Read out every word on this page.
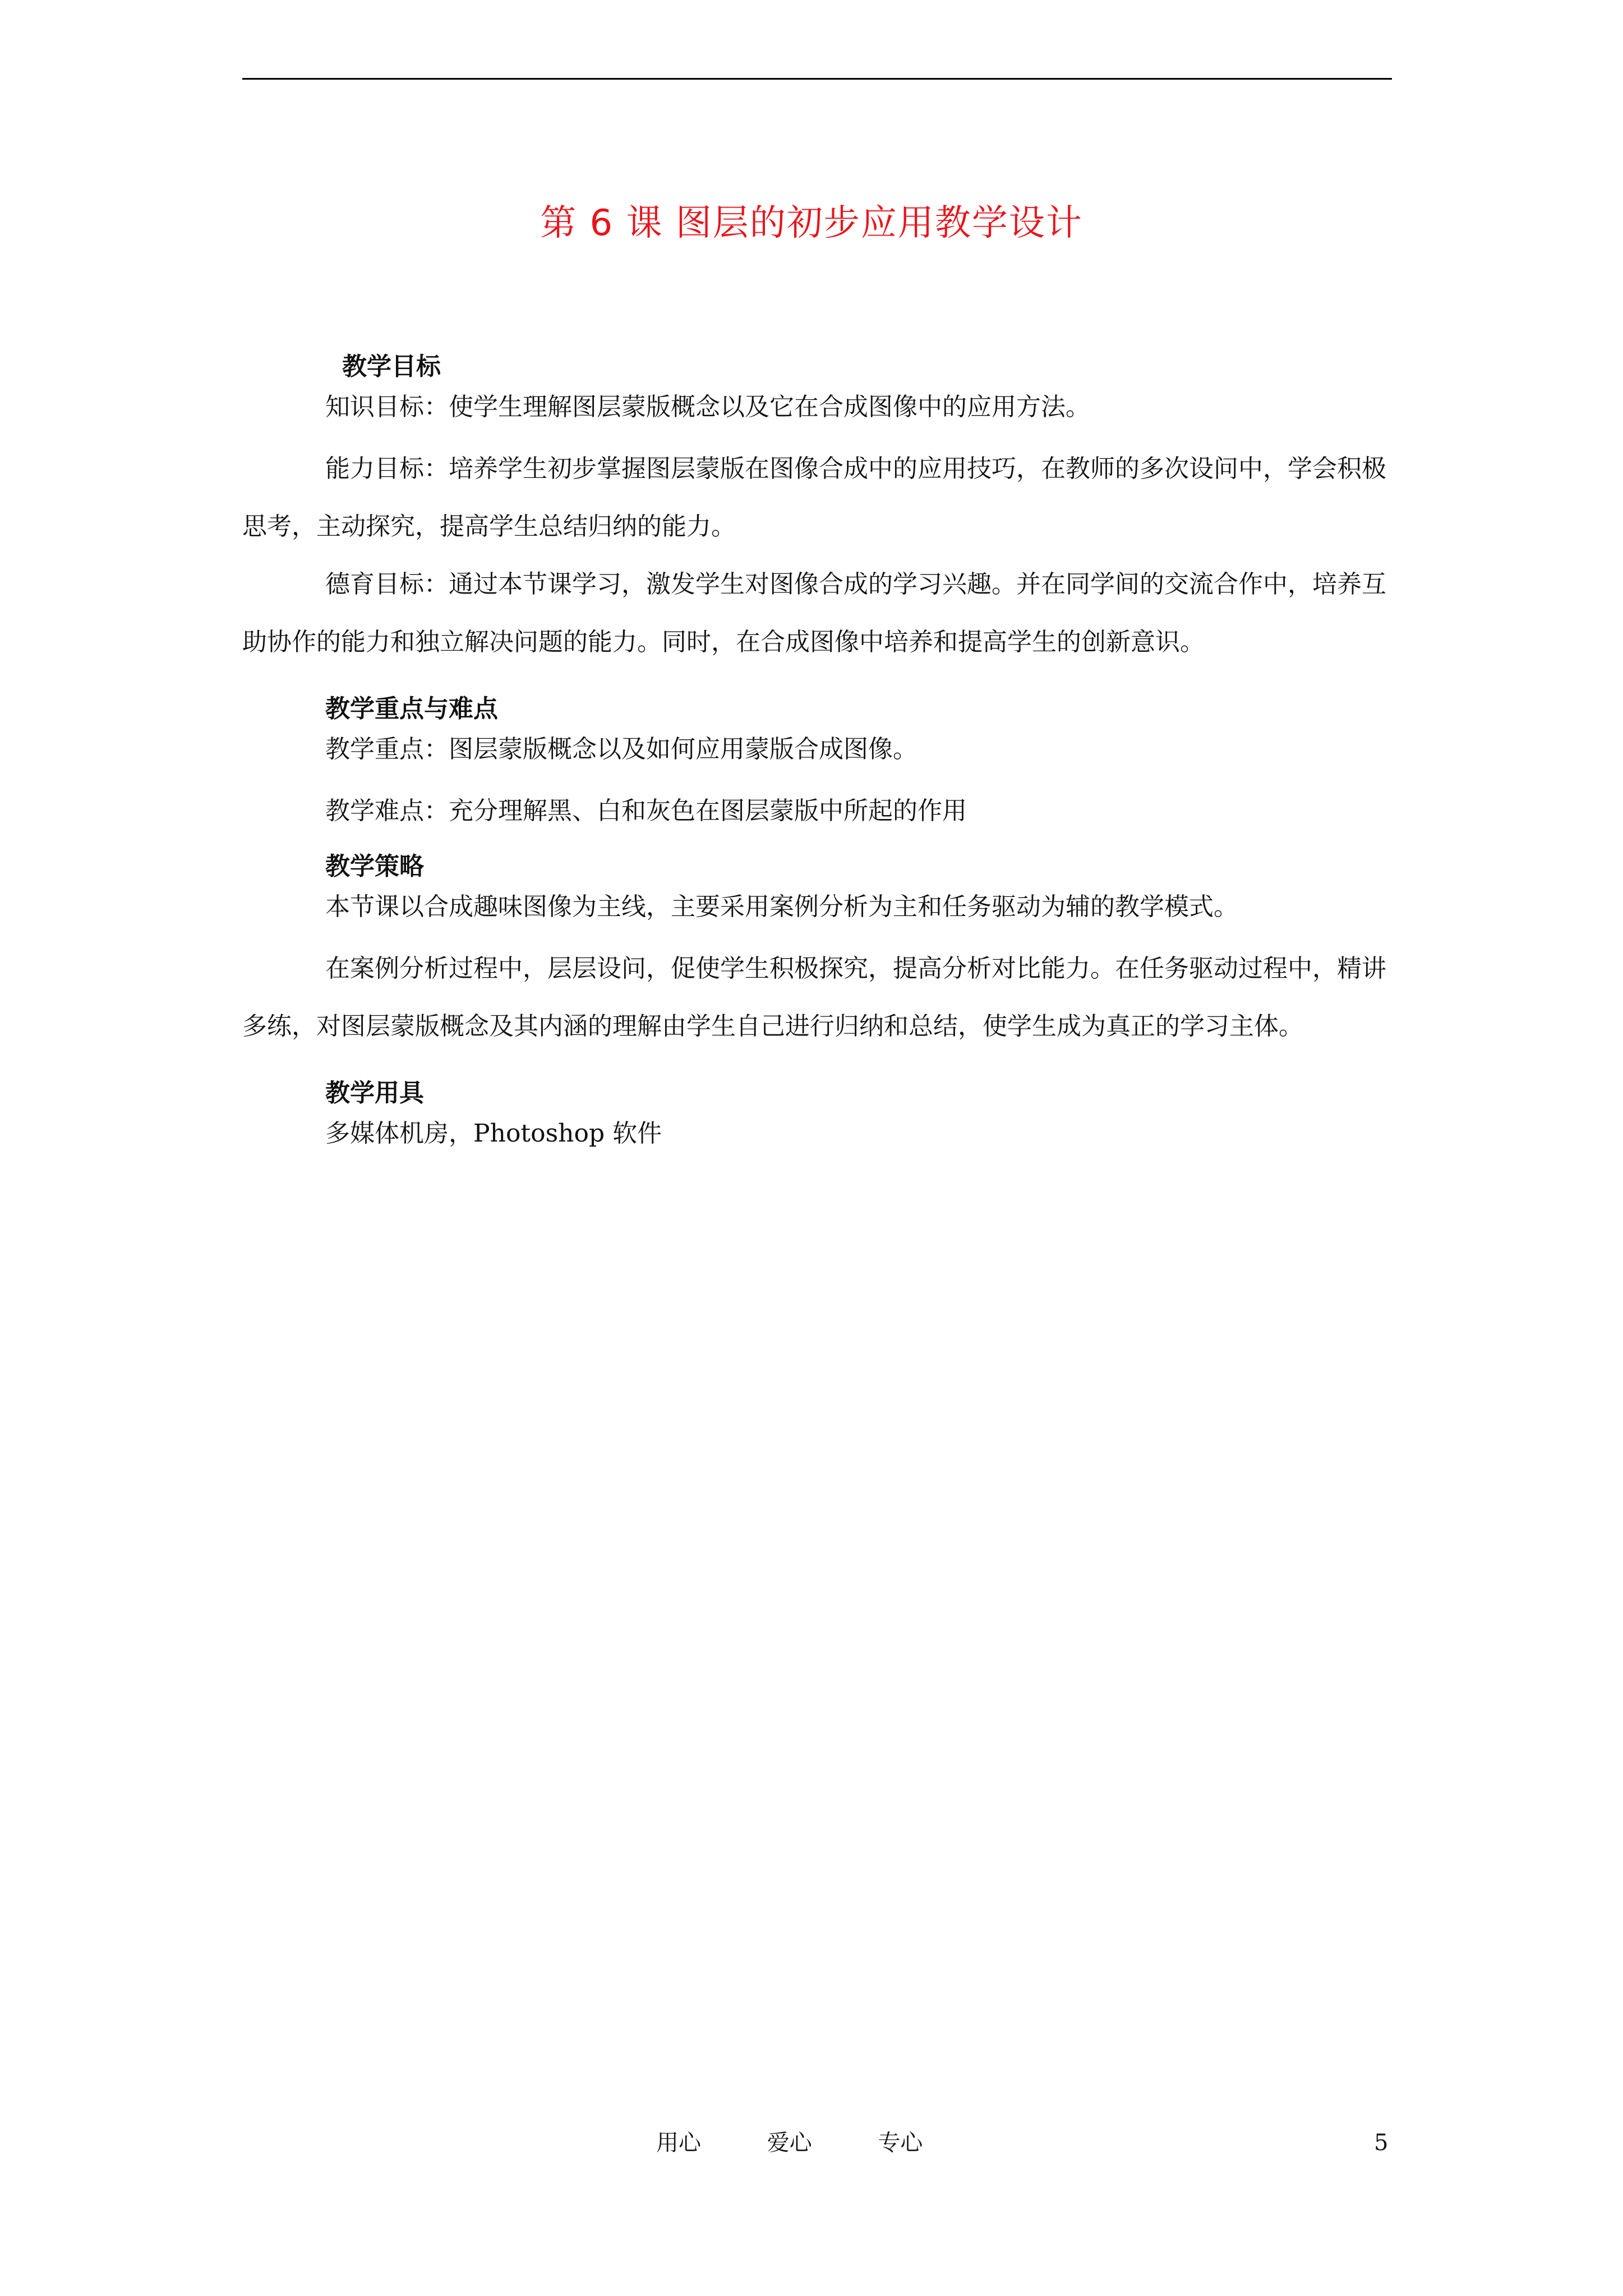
第 6 课 图层的初步应用教学设计
教学目标

知识目标：使学生理解图层蒙版概念以及它在合成图像中的应用方法。

能力目标：培养学生初步掌握图层蒙版在图像合成中的应用技巧，在教师的多次设问中，学会积极思考，主动探究，提高学生总结归纳的能力。

德育目标：通过本节课学习，激发学生对图像合成的学习兴趣。并在同学间的交流合作中，培养互助协作的能力和独立解决问题的能力。同时，在合成图像中培养和提高学生的创新意识。

教学重点与难点

教学重点：图层蒙版概念以及如何应用蒙版合成图像。

教学难点：充分理解黑、白和灰色在图层蒙版中所起的作用

教学策略

本节课以合成趣味图像为主线，主要采用案例分析为主和任务驱动为辅的教学模式。

在案例分析过程中，层层设问，促使学生积极探究，提高分析对比能力。在任务驱动过程中，精讲多练，对图层蒙版概念及其内涵的理解由学生自己进行归纳和总结，使学生成为真正的学习主体。

教学用具

多媒体机房，Photoshop 软件

用心	爱心	专心	5
